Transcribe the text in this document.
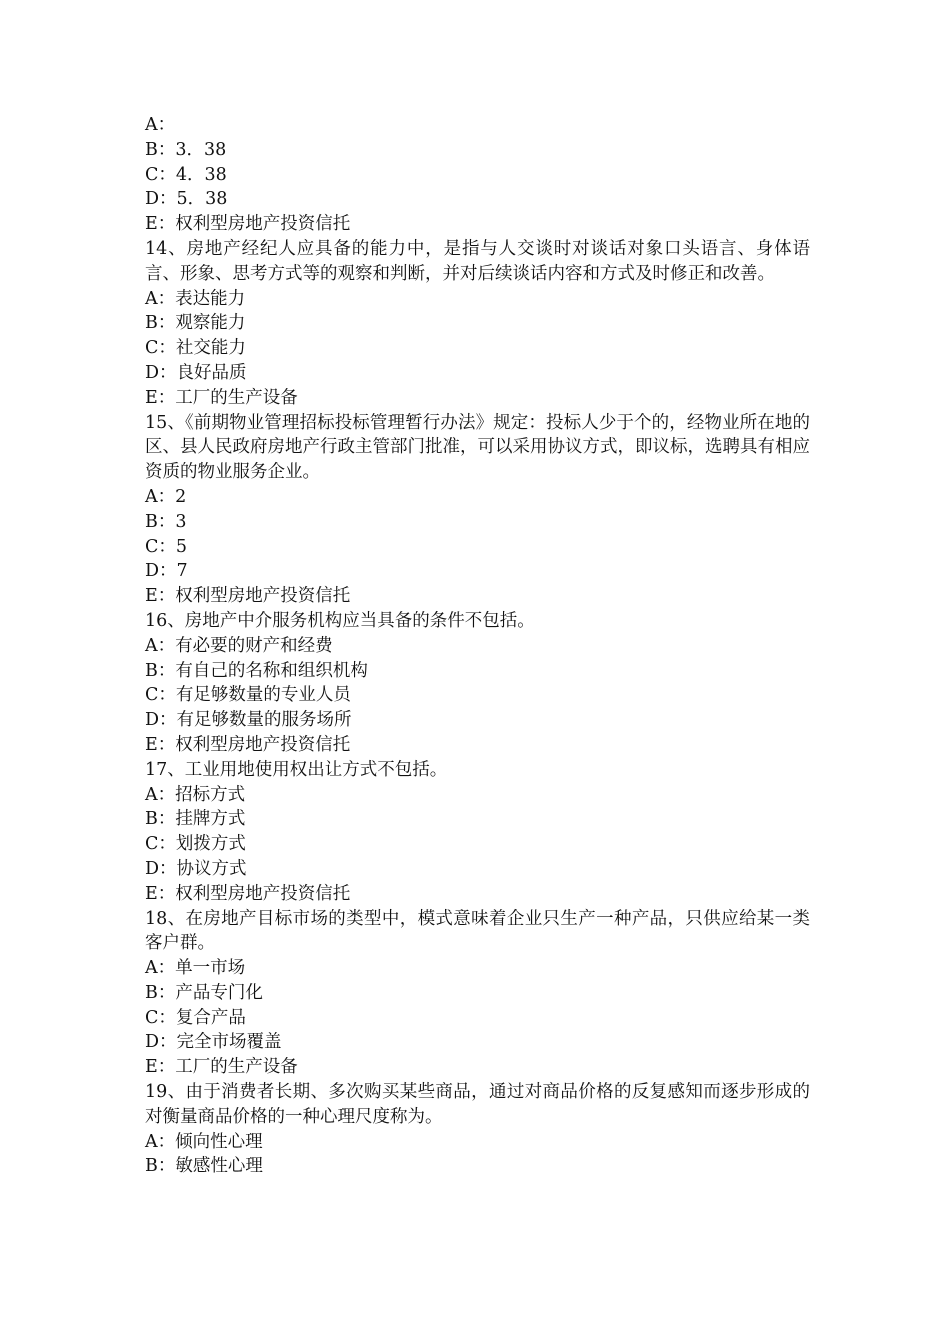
A：

B：3．38

C：4．38

D：5．38

E：权利型房地产投资信托

14、房地产经纪人应具备的能力中，是指与人交谈时对谈话对象口头语言、身体语言、形象、思考方式等的观察和判断，并对后续谈话内容和方式及时修正和改善。

A：表达能力

B：观察能力

C：社交能力

D：良好品质

E：工厂的生产设备

15、《前期物业管理招标投标管理暂行办法》规定：投标人少于个的，经物业所在地的区、县人民政府房地产行政主管部门批准，可以采用协议方式，即议标，选聘具有相应资质的物业服务企业。

A：2

B：3

C：5

D：7

E：权利型房地产投资信托

16、房地产中介服务机构应当具备的条件不包括。

A：有必要的财产和经费

B：有自己的名称和组织机构

C：有足够数量的专业人员

D：有足够数量的服务场所

E：权利型房地产投资信托

17、工业用地使用权出让方式不包括。

A：招标方式

B：挂牌方式

C：划拨方式

D：协议方式

E：权利型房地产投资信托

18、在房地产目标市场的类型中，模式意味着企业只生产一种产品，只供应给某一类客户群。

A：单一市场

B：产品专门化

C：复合产品

D：完全市场覆盖

E：工厂的生产设备

19、由于消费者长期、多次购买某些商品，通过对商品价格的反复感知而逐步形成的对衡量商品价格的一种心理尺度称为。

A：倾向性心理

B：敏感性心理
